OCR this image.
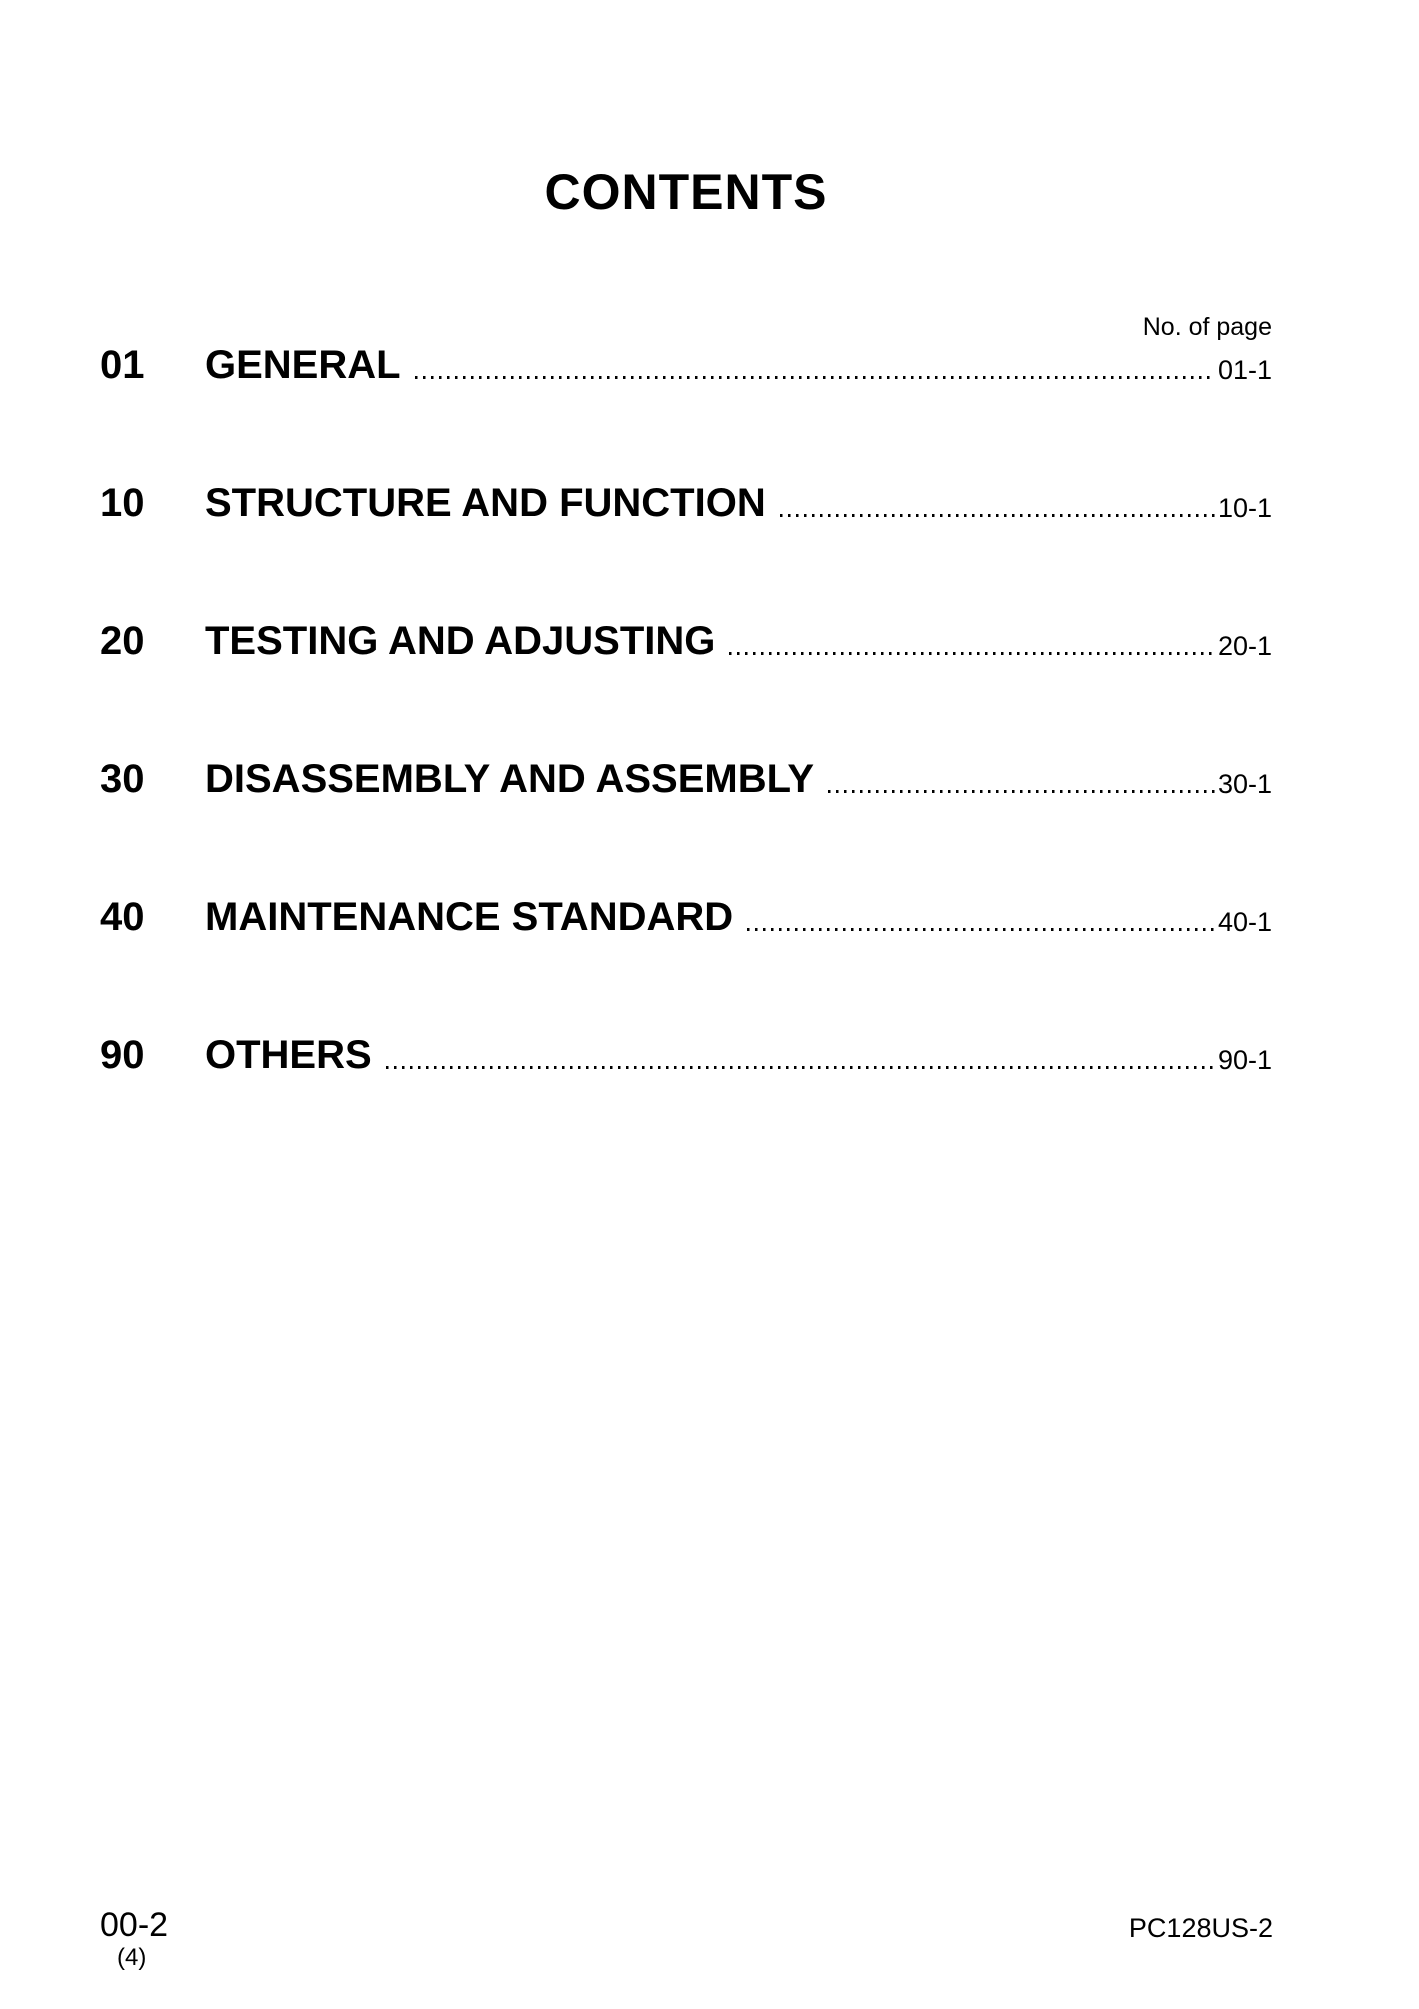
CONTENTS
No. of page
01	GENERAL	01-1
10	STRUCTURE AND FUNCTION	10-1
20	TESTING AND ADJUSTING	20-1
30	DISASSEMBLY AND ASSEMBLY	30-1
40	MAINTENANCE STANDARD	40-1
90	OTHERS	90-1
00-2
(4)
PC128US-2
